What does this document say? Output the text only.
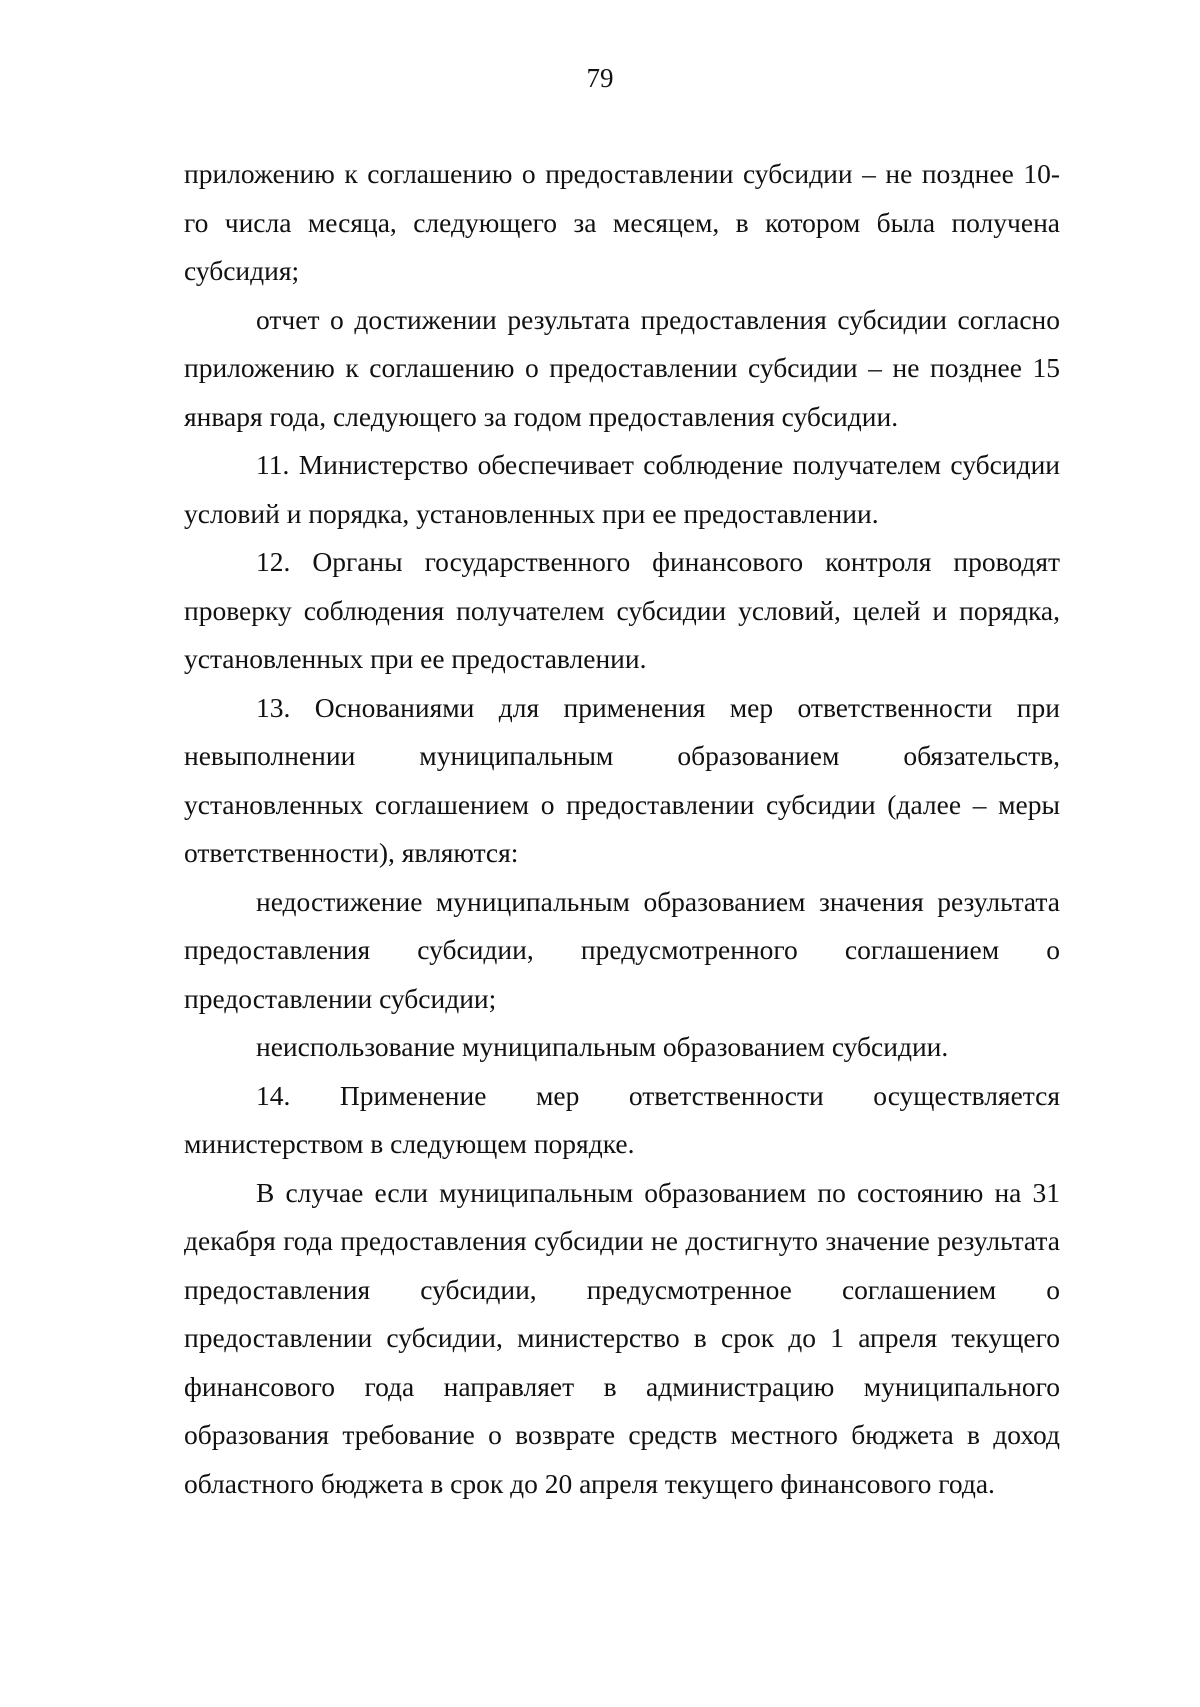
79

приложению к соглашению о предоставлении субсидии – не позднее 10-го числа месяца, следующего за месяцем, в котором была получена субсидия;

отчет о достижении результата предоставления субсидии согласно приложению к соглашению о предоставлении субсидии – не позднее 15 января года, следующего за годом предоставления субсидии.

11. Министерство обеспечивает соблюдение получателем субсидии условий и порядка, установленных при ее предоставлении.

12. Органы государственного финансового контроля проводят проверку соблюдения получателем субсидии условий, целей и порядка, установленных при ее предоставлении.

13. Основаниями для применения мер ответственности при невыполнении муниципальным образованием обязательств, установленных соглашением о предоставлении субсидии (далее – меры ответственности), являются:

недостижение муниципальным образованием значения результата предоставления субсидии, предусмотренного соглашением о предоставлении субсидии;

неиспользование муниципальным образованием субсидии.

14. Применение мер ответственности осуществляется министерством в следующем порядке.

В случае если муниципальным образованием по состоянию на 31 декабря года предоставления субсидии не достигнуто значение результата предоставления субсидии, предусмотренное соглашением о предоставлении субсидии, министерство в срок до 1 апреля текущего финансового года направляет в администрацию муниципального образования требование о возврате средств местного бюджета в доход областного бюджета в срок до 20 апреля текущего финансового года.
